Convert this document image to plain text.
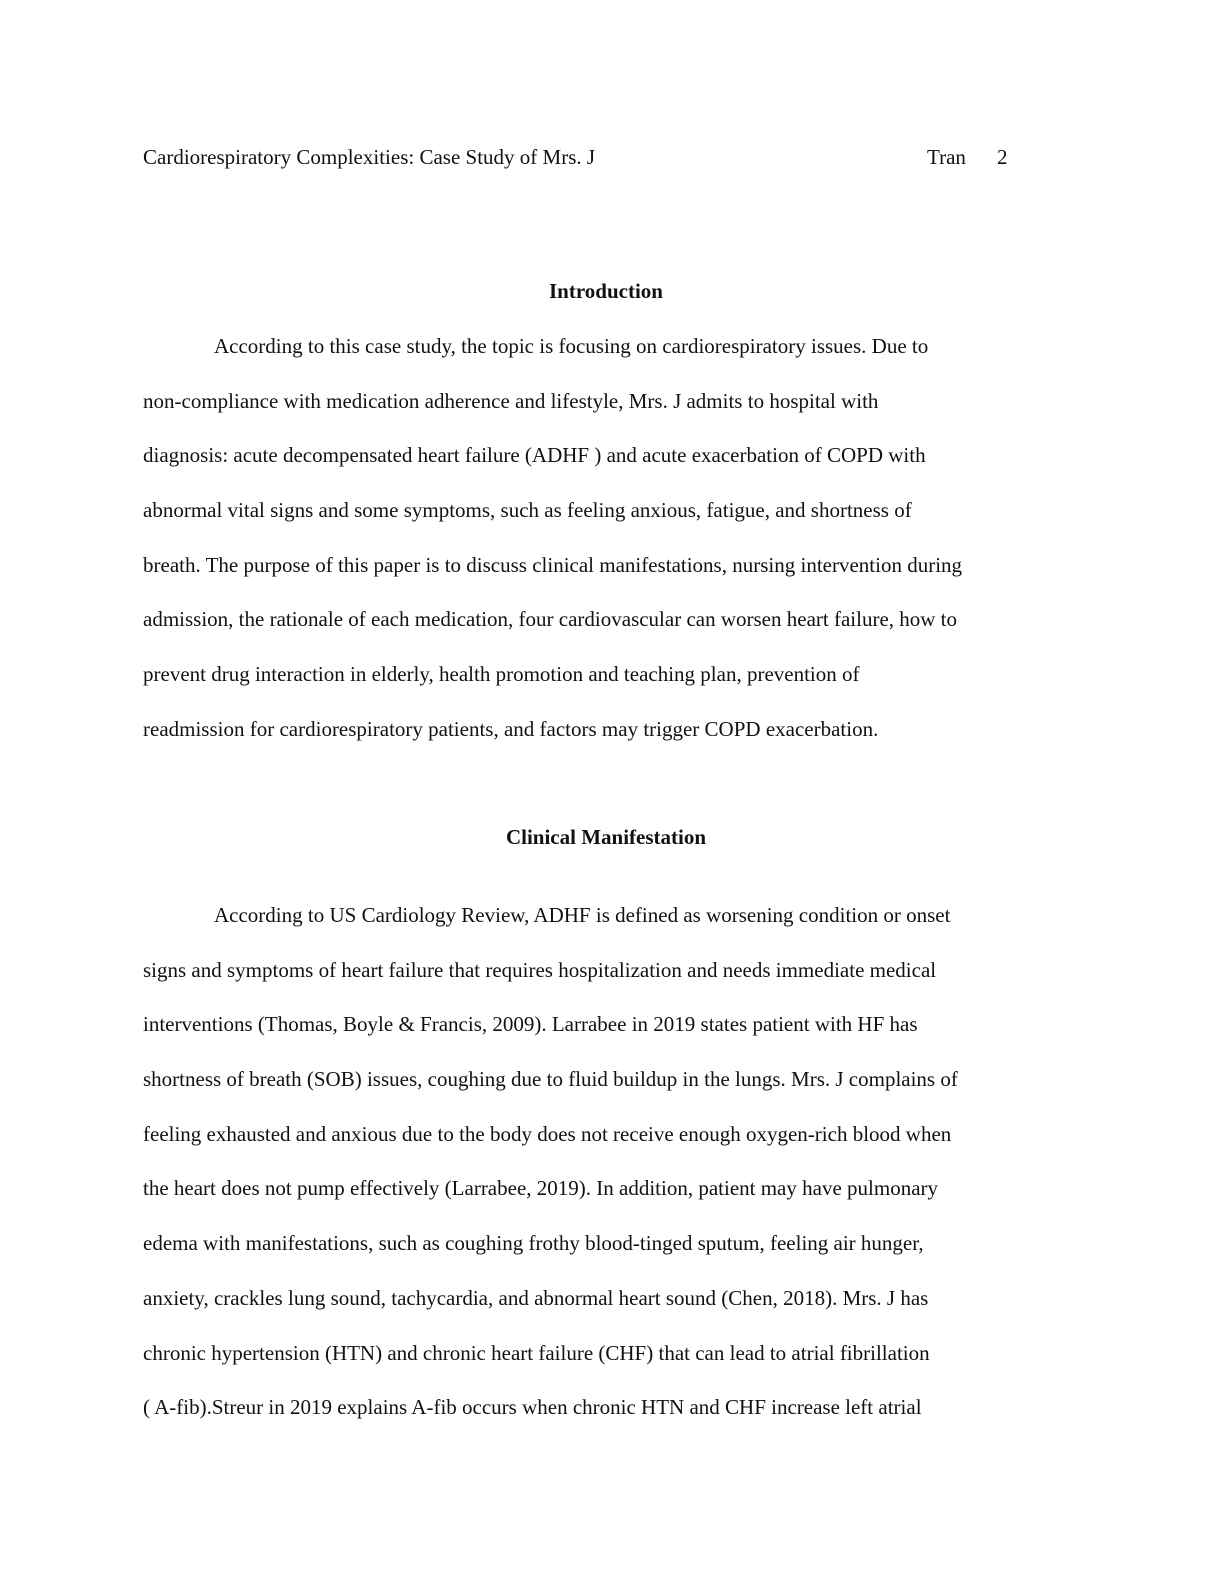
Cardiorespiratory Complexities: Case Study of Mrs. J	Tran 2
Introduction
According to this case study, the topic is focusing on cardiorespiratory issues. Due to
non-compliance with medication adherence and lifestyle, Mrs. J admits to hospital with
diagnosis: acute decompensated heart failure (ADHF ) and acute exacerbation of COPD with
abnormal vital signs and some symptoms, such as feeling anxious, fatigue, and shortness of
breath. The purpose of this paper is to discuss clinical manifestations, nursing intervention during
admission, the rationale of each medication, four cardiovascular can worsen heart failure, how to
prevent drug interaction in elderly, health promotion and teaching plan, prevention of
readmission for cardiorespiratory patients, and factors may trigger COPD exacerbation.
Clinical Manifestation
According to US Cardiology Review, ADHF is defined as worsening condition or onset
signs and symptoms of heart failure that requires hospitalization and needs immediate medical
interventions (Thomas, Boyle & Francis, 2009). Larrabee in 2019 states patient with HF has
shortness of breath (SOB) issues, coughing due to fluid buildup in the lungs. Mrs. J complains of
feeling exhausted and anxious due to the body does not receive enough oxygen-rich blood when
the heart does not pump effectively (Larrabee, 2019). In addition, patient may have pulmonary
edema with manifestations, such as coughing frothy blood-tinged sputum, feeling air hunger,
anxiety, crackles lung sound, tachycardia, and abnormal heart sound (Chen, 2018). Mrs. J has
chronic hypertension (HTN) and chronic heart failure (CHF) that can lead to atrial fibrillation
( A-fib).Streur in 2019 explains A-fib occurs when chronic HTN and CHF increase left atrial
